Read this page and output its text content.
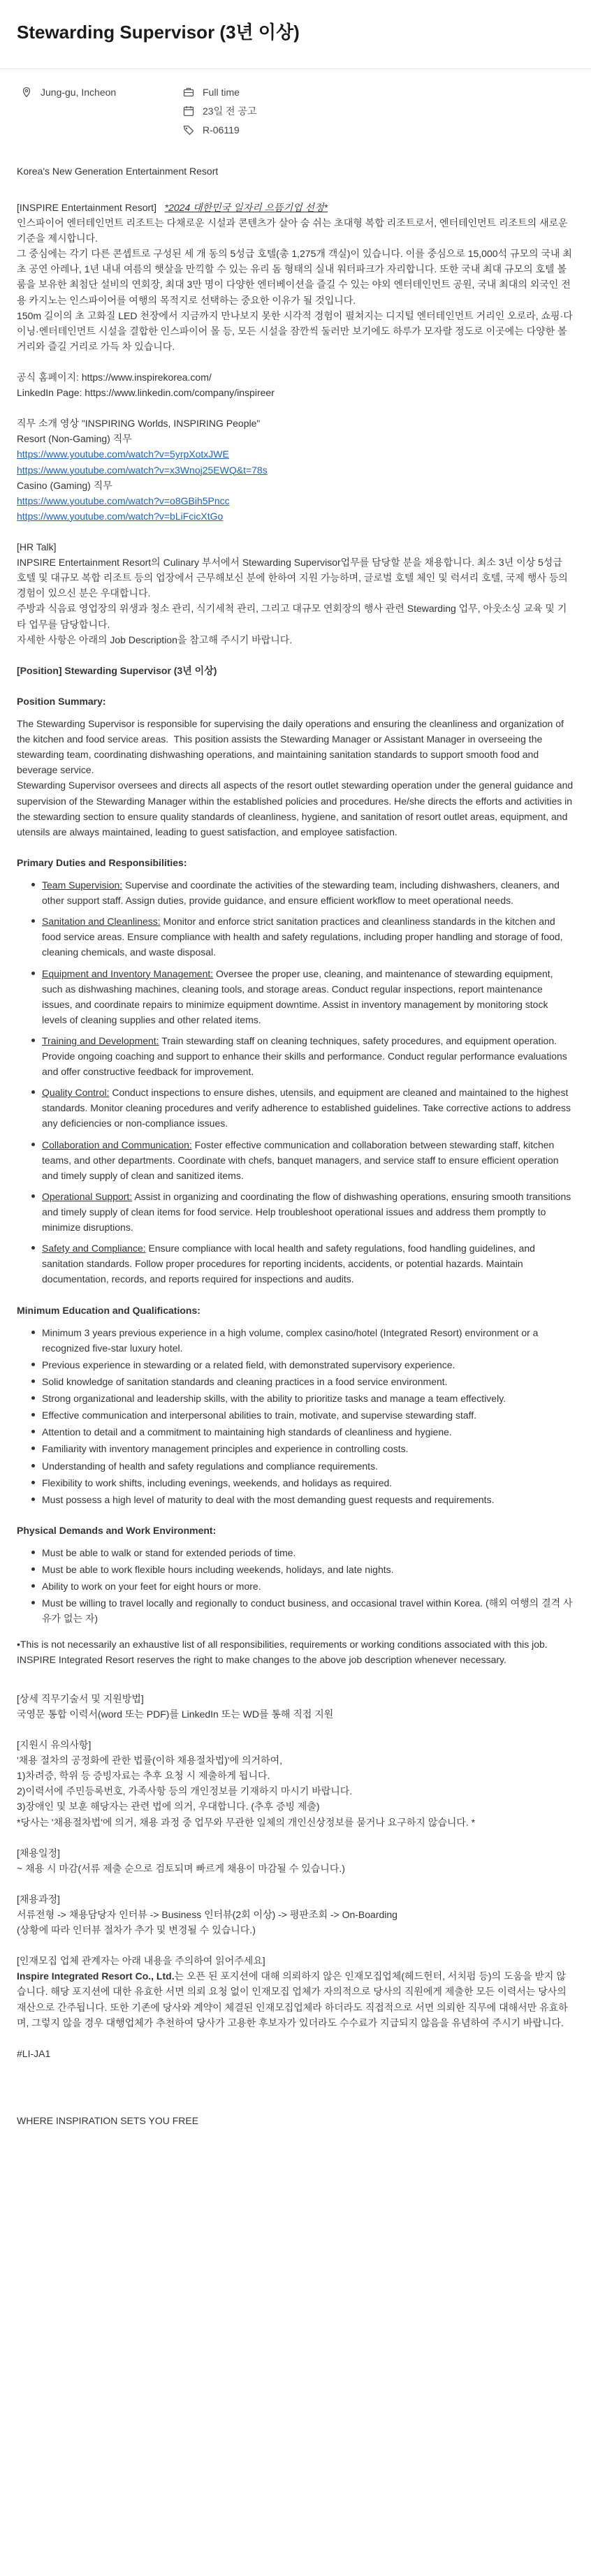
Stewarding Supervisor (3년 이상)
Jung-gu, Incheon	Full time
23일 전 공고
R-06119

Korea's New Generation Entertainment Resort

[INSPIRE Entertainment Resort] *2024 대한민국 일자리 으뜸기업 선정*

인스파이어 엔터테인먼트 리조트는 다채로운 시설과 콘텐츠가 살아 숨 쉬는 초대형 복합 리조트로서, 엔터테인먼트 리조트의 새로운 기준을 제시합니다.

그 중심에는 각기 다른 콘셉트로 구성된 세 개 동의 5성급 호텔(총 1,275개 객실)이 있습니다. 이를 중심으로 15,000석 규모의 국내 최초 공연 아레나, 1년 내내 여름의 햇살을 만끽할 수 있는 유리 돔 형태의 실내 워터파크가 자리합니다. 또한 국내 최대 규모의 호텔 볼룸을 보유한 최첨단 설비의 연회장, 최대 3만 명이 다양한 엔터베이션을 즐길 수 있는 야외 엔터테인먼트 공원, 국내 최대의 외국인 전용 카지노는 인스파이어를 여행의 목적지로 선택하는 중요한 이유가 될 것입니다.

150m 길이의 초 고화질 LED 천장에서 지금까지 만나보지 못한 시각적 경험이 펼쳐지는 디지털 엔터테인먼트 거리인 오로라, 쇼핑·다이닝·엔터테인먼트 시설을 결합한 인스파이어 몰 등, 모든 시설을 잠깐씩 둘러만 보기에도 하루가 모자랄 정도로 이곳에는 다양한 볼거리와 즐길 거리로 가득 차 있습니다.

공식 홈페이지: https://www.inspirekorea.com/

LinkedIn Page: https://www.linkedin.com/company/inspireer

직무 소개 영상 "INSPIRING Worlds, INSPIRING People"

Resort (Non-Gaming) 직무

https://www.youtube.com/watch?v=5yrpXotxJWE

https://www.youtube.com/watch?v=x3Wnoj25EWQ&t=78s

Casino (Gaming) 직무

https://www.youtube.com/watch?v=o8GBih5Pncc

https://www.youtube.com/watch?v=bLiFcicXtGo

[HR Talk]

INPSIRE Entertainment Resort의 Culinary 부서에서 Stewarding Supervisor업무를 담당할 분을 채용합니다. 최소 3년 이상 5성급 호텔 및 대규모 복합 리조트 등의 업장에서 근무해보신 분에 한하여 지원 가능하며, 글로벌 호텔 체인 및 럭셔리 호텔, 국제 행사 등의 경험이 있으신 분은 우대합니다.

주방과 식음료 영업장의 위생과 청소 관리, 식기세척 관리, 그리고 대규모 연회장의 행사 관련 Stewarding 업무, 아웃소싱 교육 및 기타 업무를 담당합니다.

자세한 사항은 아래의 Job Description을 참고해 주시기 바랍니다.

[Position] Stewarding Supervisor (3년 이상)

Position Summary:

The Stewarding Supervisor is responsible for supervising the daily operations and ensuring the cleanliness and organization of the kitchen and food service areas.  This position assists the Stewarding Manager or Assistant Manager in overseeing the stewarding team, coordinating dishwashing operations, and maintaining sanitation standards to support smooth food and beverage service.

Stewarding Supervisor oversees and directs all aspects of the resort outlet stewarding operation under the general guidance and supervision of the Stewarding Manager within the established policies and procedures. He/she directs the efforts and activities in the stewarding section to ensure quality standards of cleanliness, hygiene, and sanitation of resort outlet areas, equipment, and utensils are always maintained, leading to guest satisfaction, and employee satisfaction.

Primary Duties and Responsibilities:

Team Supervision: Supervise and coordinate the activities of the stewarding team, including dishwashers, cleaners, and other support staff. Assign duties, provide guidance, and ensure efficient workflow to meet operational needs.
Sanitation and Cleanliness: Monitor and enforce strict sanitation practices and cleanliness standards in the kitchen and food service areas. Ensure compliance with health and safety regulations, including proper handling and storage of food, cleaning chemicals, and waste disposal.
Equipment and Inventory Management: Oversee the proper use, cleaning, and maintenance of stewarding equipment, such as dishwashing machines, cleaning tools, and storage areas. Conduct regular inspections, report maintenance issues, and coordinate repairs to minimize equipment downtime. Assist in inventory management by monitoring stock levels of cleaning supplies and other related items.
Training and Development: Train stewarding staff on cleaning techniques, safety procedures, and equipment operation. Provide ongoing coaching and support to enhance their skills and performance. Conduct regular performance evaluations and offer constructive feedback for improvement.
Quality Control: Conduct inspections to ensure dishes, utensils, and equipment are cleaned and maintained to the highest standards. Monitor cleaning procedures and verify adherence to established guidelines. Take corrective actions to address any deficiencies or non-compliance issues.
Collaboration and Communication: Foster effective communication and collaboration between stewarding staff, kitchen teams, and other departments. Coordinate with chefs, banquet managers, and service staff to ensure efficient operation and timely supply of clean and sanitized items.
Operational Support: Assist in organizing and coordinating the flow of dishwashing operations, ensuring smooth transitions and timely supply of clean items for food service. Help troubleshoot operational issues and address them promptly to minimize disruptions.
Safety and Compliance: Ensure compliance with local health and safety regulations, food handling guidelines, and sanitation standards. Follow proper procedures for reporting incidents, accidents, or potential hazards. Maintain documentation, records, and reports required for inspections and audits.

Minimum Education and Qualifications:

Minimum 3 years previous experience in a high volume, complex casino/hotel (Integrated Resort) environment or a recognized five-star luxury hotel.
Previous experience in stewarding or a related field, with demonstrated supervisory experience.
Solid knowledge of sanitation standards and cleaning practices in a food service environment.
Strong organizational and leadership skills, with the ability to prioritize tasks and manage a team effectively.
Effective communication and interpersonal abilities to train, motivate, and supervise stewarding staff.
Attention to detail and a commitment to maintaining high standards of cleanliness and hygiene.
Familiarity with inventory management principles and experience in controlling costs.
Understanding of health and safety regulations and compliance requirements.
Flexibility to work shifts, including evenings, weekends, and holidays as required.
Must possess a high level of maturity to deal with the most demanding guest requests and requirements.

Physical Demands and Work Environment:

Must be able to walk or stand for extended periods of time.
Must be able to work flexible hours including weekends, holidays, and late nights.
Ability to work on your feet for eight hours or more.
Must be willing to travel locally and regionally to conduct business, and occasional travel within Korea. (해외 여행의 결격 사유가 없는 자)

•This is not necessarily an exhaustive list of all responsibilities, requirements or working conditions associated with this job.  INSPIRE Integrated Resort reserves the right to make changes to the above job description whenever necessary.

[상세 직무기술서 및 지원방법]

국영문 통합 이력서(word 또는 PDF)를 LinkedIn 또는 WD를 통해 직접 지원

[지원시 유의사항]

'채용 절차의 공정화에 관한 법률(이하 채용절차법)'에 의거하여,

1)차려증, 학위 등 증빙자료는 추후 요청 시 제출하게 됩니다.

2)이력서에 주민등록번호, 가족사항 등의 개인정보를 기재하지 마시기 바랍니다.

3)장애인 및 보훈 해당자는 관련 법에 의거, 우대합니다. (추후 증빙 제출)

*당사는 '채용절차법'에 의거, 채용 과정 중 업무와 무관한 일체의 개인신상정보를 묻거나 요구하지 않습니다. *

[채용일정]

~ 채용 시 마감(서류 제출 순으로 검토되며 빠르게 채용이 마감될 수 있습니다.)

[채용과정]

서류전형 -> 채용담당자 인터뷰 -> Business 인터뷰(2회 이상) -> 평판조회 -> On-Boarding

(상황에 따라 인터뷰 절차가 추가 및 변경될 수 있습니다.)

[인재모집 업체 관계자는 아래 내용을 주의하여 읽어주세요]

Inspire Integrated Resort Co., Ltd.는 오픈 된 포지션에 대해 의뢰하지 않은 인재모집업체(헤드헌터, 서치펌 등)의 도움을 받지 않습니다. 해당 포지션에 대한 유효한 서면 의뢰 요청 없이 인재모집 업체가 자의적으로 당사의 직원에게 제출한 모든 이력서는 당사의 재산으로 간주됩니다. 또한 기존에 당사와 계약이 체결된 인재모집업체라 하더라도 직접적으로 서면 의뢰한 직무에 대해서만 유효하며, 그렇지 않을 경우 대행업체가 추천하여 당사가 고용한 후보자가 있더라도 수수료가 지급되지 않음을 유념하여 주시기 바랍니다.

#LI-JA1

WHERE INSPIRATION SETS YOU FREE
